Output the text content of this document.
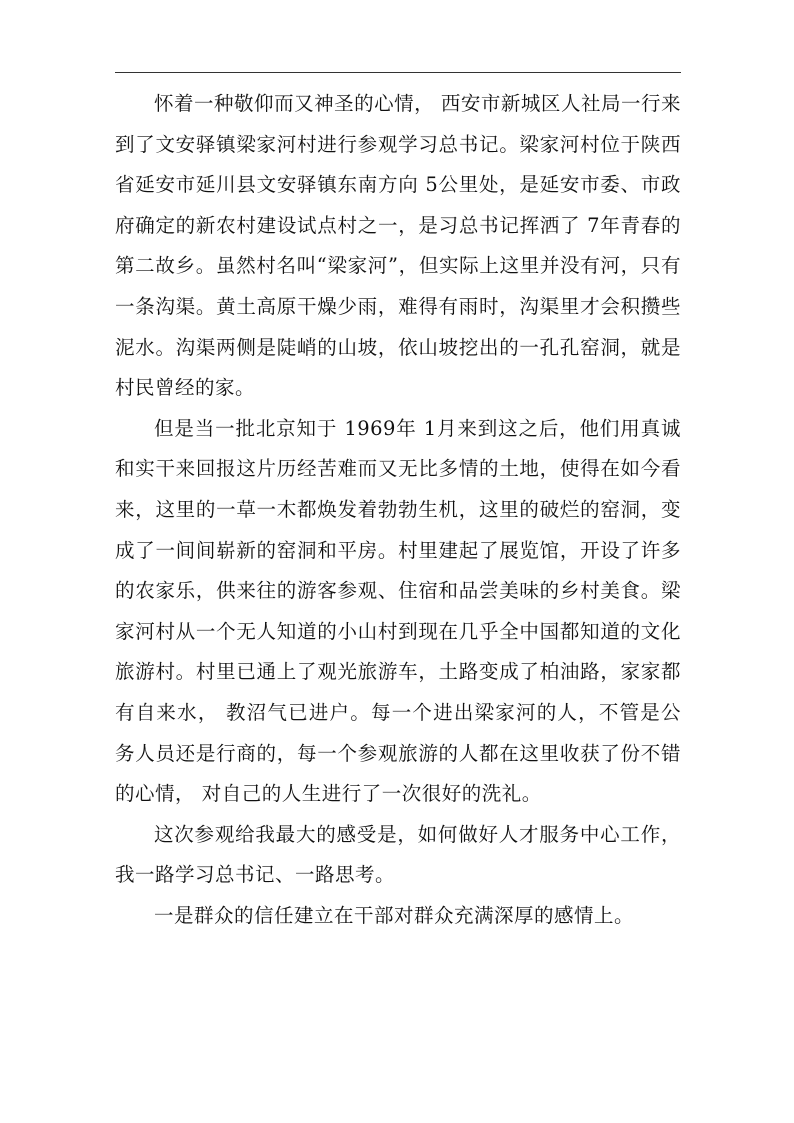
怀着一种敬仰而又神圣的心情， 西安市新城区人社局一行来到了文安驿镇梁家河村进行参观学习总书记。梁家河村位于陕西省延安市延川县文安驿镇东南方向 5公里处，是延安市委、市政府确定的新农村建设试点村之一，是习总书记挥洒了 7年青春的第二故乡。虽然村名叫“梁家河”，但实际上这里并没有河，只有一条沟渠。黄土高原干燥少雨，难得有雨时，沟渠里才会积攒些泥水。沟渠两侧是陡峭的山坡，依山坡挖出的一孔孔窑洞，就是村民曾经的家。

但是当一批北京知于 1969年 1月来到这之后，他们用真诚和实干来回报这片历经苦难而又无比多情的土地，使得在如今看来，这里的一草一木都焕发着勃勃生机，这里的破烂的窑洞，变成了一间间崭新的窑洞和平房。村里建起了展览馆，开设了许多的农家乐，供来往的游客参观、住宿和品尝美味的乡村美食。梁家河村从一个无人知道的小山村到现在几乎全中国都知道的文化旅游村。村里已通上了观光旅游车，土路变成了柏油路，家家都有自来水， 教沼气已进户。每一个进出梁家河的人，不管是公务人员还是行商的，每一个参观旅游的人都在这里收获了份不错的心情， 对自己的人生进行了一次很好的洗礼。

这次参观给我最大的感受是，如何做好人才服务中心工作，我一路学习总书记、一路思考。

一是群众的信任建立在干部对群众充满深厚的感情上。
